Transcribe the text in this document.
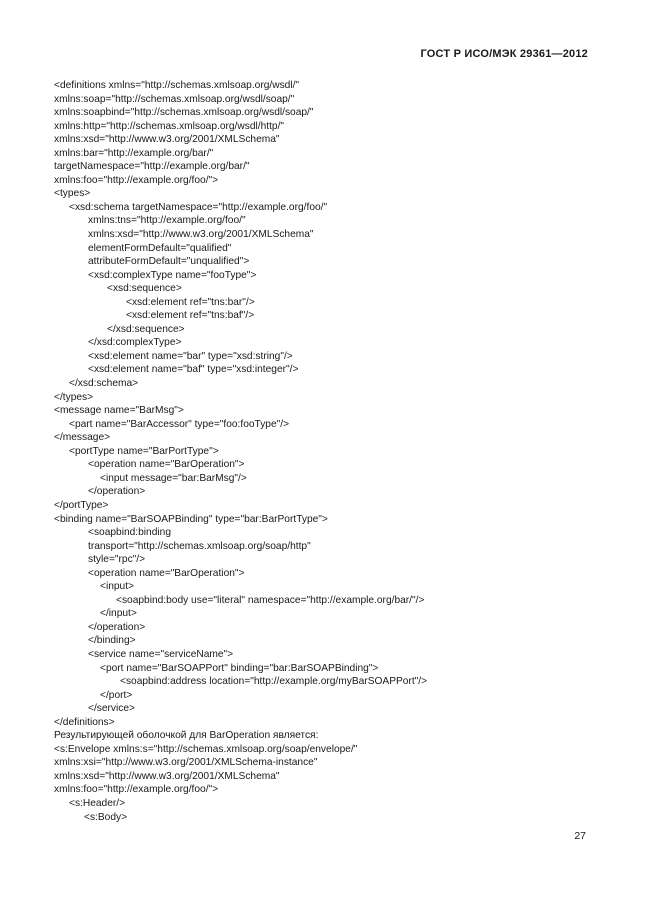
ГОСТ Р ИСО/МЭК 29361—2012
<definitions xmlns="http://schemas.xmlsoap.org/wsdl/"
xmlns:soap="http://schemas.xmlsoap.org/wsdl/soap/"
xmlns:soapbind="http://schemas.xmlsoap.org/wsdl/soap/"
xmlns:http="http://schemas.xmlsoap.org/wsdl/http/"
xmlns:xsd="http://www.w3.org/2001/XMLSchema"
xmlns:bar="http://example.org/bar/"
targetNamespace="http://example.org/bar/"
xmlns:foo="http://example.org/foo/">
<types>
<xsd:schema targetNamespace="http://example.org/foo/"
xmlns:tns="http://example.org/foo/"
xmlns:xsd="http://www.w3.org/2001/XMLSchema"
elementFormDefault="qualified"
attributeFormDefault="unqualified">
<xsd:complexType name="fooType">
<xsd:sequence>
<xsd:element ref="tns:bar"/>
<xsd:element ref="tns:baf"/>
</xsd:sequence>
</xsd:complexType>
<xsd:element name="bar" type="xsd:string"/>
<xsd:element name="baf" type="xsd:integer"/>
</xsd:schema>
</types>
<message name="BarMsg">
<part name="BarAccessor" type="foo:fooType"/>
</message>
<portType name="BarPortType">
<operation name="BarOperation">
<input message="bar:BarMsg"/>
</operation>
</portType>
<binding name="BarSOAPBinding" type="bar:BarPortType">
<soapbind:binding
transport="http://schemas.xmlsoap.org/soap/http"
style="rpc"/>
<operation name="BarOperation">
<input>
<soapbind:body use="literal" namespace="http://example.org/bar/"/>
</input>
</operation>
</binding>
<service name="serviceName">
<port name="BarSOAPPort" binding="bar:BarSOAPBinding">
<soapbind:address location="http://example.org/myBarSOAPPort"/>
</port>
</service>
</definitions>
Результирующей оболочкой для BarOperation является:
<s:Envelope xmlns:s="http://schemas.xmlsoap.org/soap/envelope/"
xmlns:xsi="http://www.w3.org/2001/XMLSchema-instance"
xmlns:xsd="http://www.w3.org/2001/XMLSchema"
xmlns:foo="http://example.org/foo/">
<s:Header/>
<s:Body>
27
